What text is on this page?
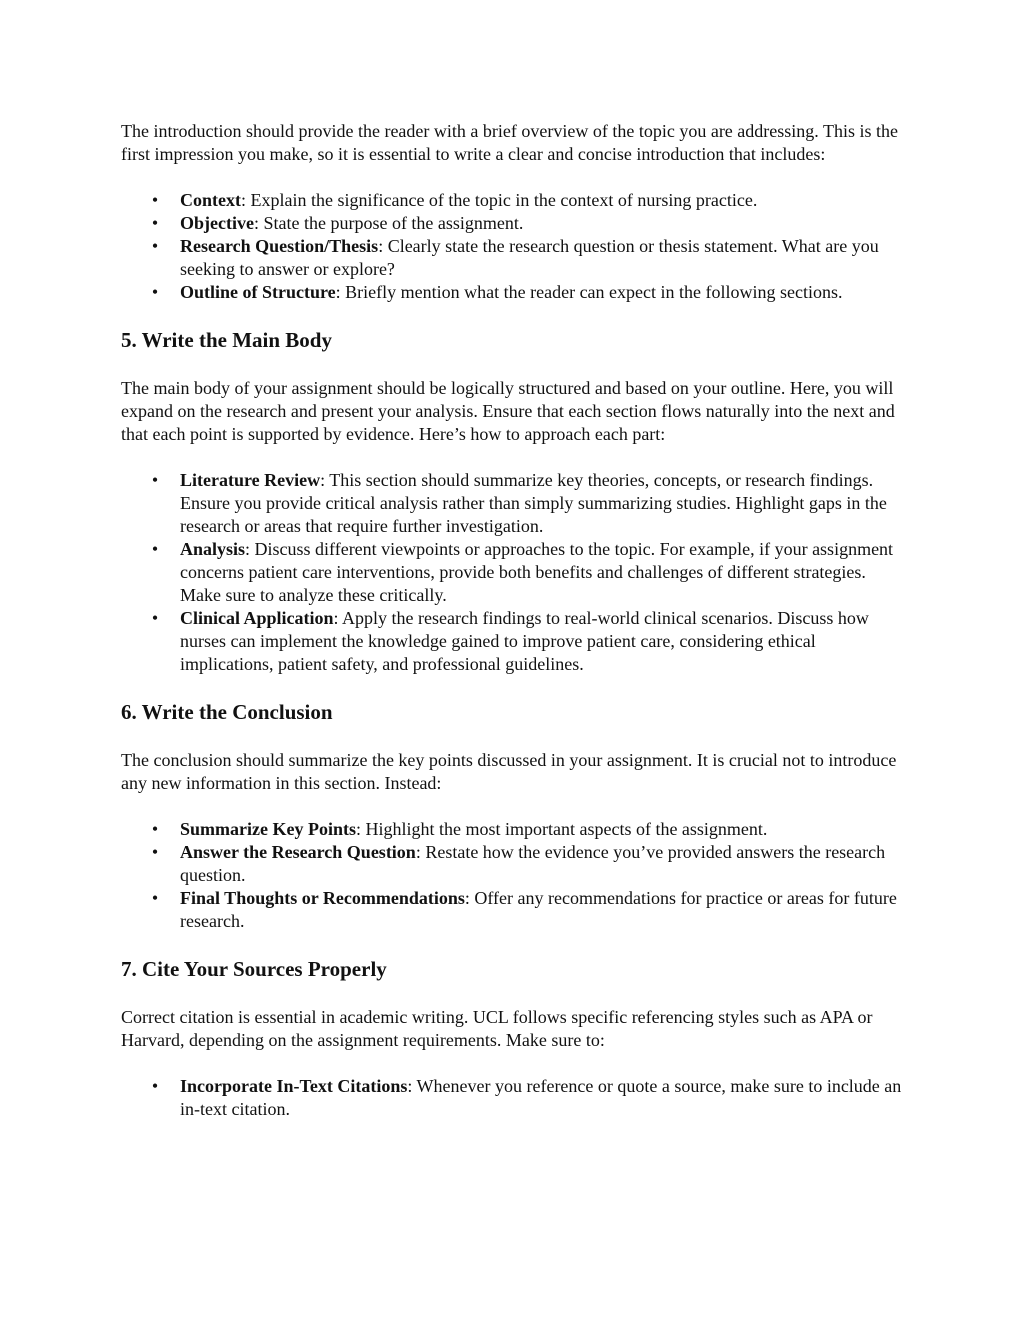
The introduction should provide the reader with a brief overview of the topic you are addressing. This is the first impression you make, so it is essential to write a clear and concise introduction that includes:

• Context: Explain the significance of the topic in the context of nursing practice.
• Objective: State the purpose of the assignment.
• Research Question/Thesis: Clearly state the research question or thesis statement. What are you seeking to answer or explore?
• Outline of Structure: Briefly mention what the reader can expect in the following sections.
5. Write the Main Body

The main body of your assignment should be logically structured and based on your outline. Here, you will expand on the research and present your analysis. Ensure that each section flows naturally into the next and that each point is supported by evidence. Here’s how to approach each part:

• Literature Review: This section should summarize key theories, concepts, or research findings. Ensure you provide critical analysis rather than simply summarizing studies. Highlight gaps in the research or areas that require further investigation.
• Analysis: Discuss different viewpoints or approaches to the topic. For example, if your assignment concerns patient care interventions, provide both benefits and challenges of different strategies. Make sure to analyze these critically.
• Clinical Application: Apply the research findings to real-world clinical scenarios. Discuss how nurses can implement the knowledge gained to improve patient care, considering ethical implications, patient safety, and professional guidelines.
6. Write the Conclusion

The conclusion should summarize the key points discussed in your assignment. It is crucial not to introduce any new information in this section. Instead:

• Summarize Key Points: Highlight the most important aspects of the assignment.
• Answer the Research Question: Restate how the evidence you’ve provided answers the research question.
• Final Thoughts or Recommendations: Offer any recommendations for practice or areas for future research.
7. Cite Your Sources Properly

Correct citation is essential in academic writing. UCL follows specific referencing styles such as APA or Harvard, depending on the assignment requirements. Make sure to:

• Incorporate In-Text Citations: Whenever you reference or quote a source, make sure to include an in-text citation.
